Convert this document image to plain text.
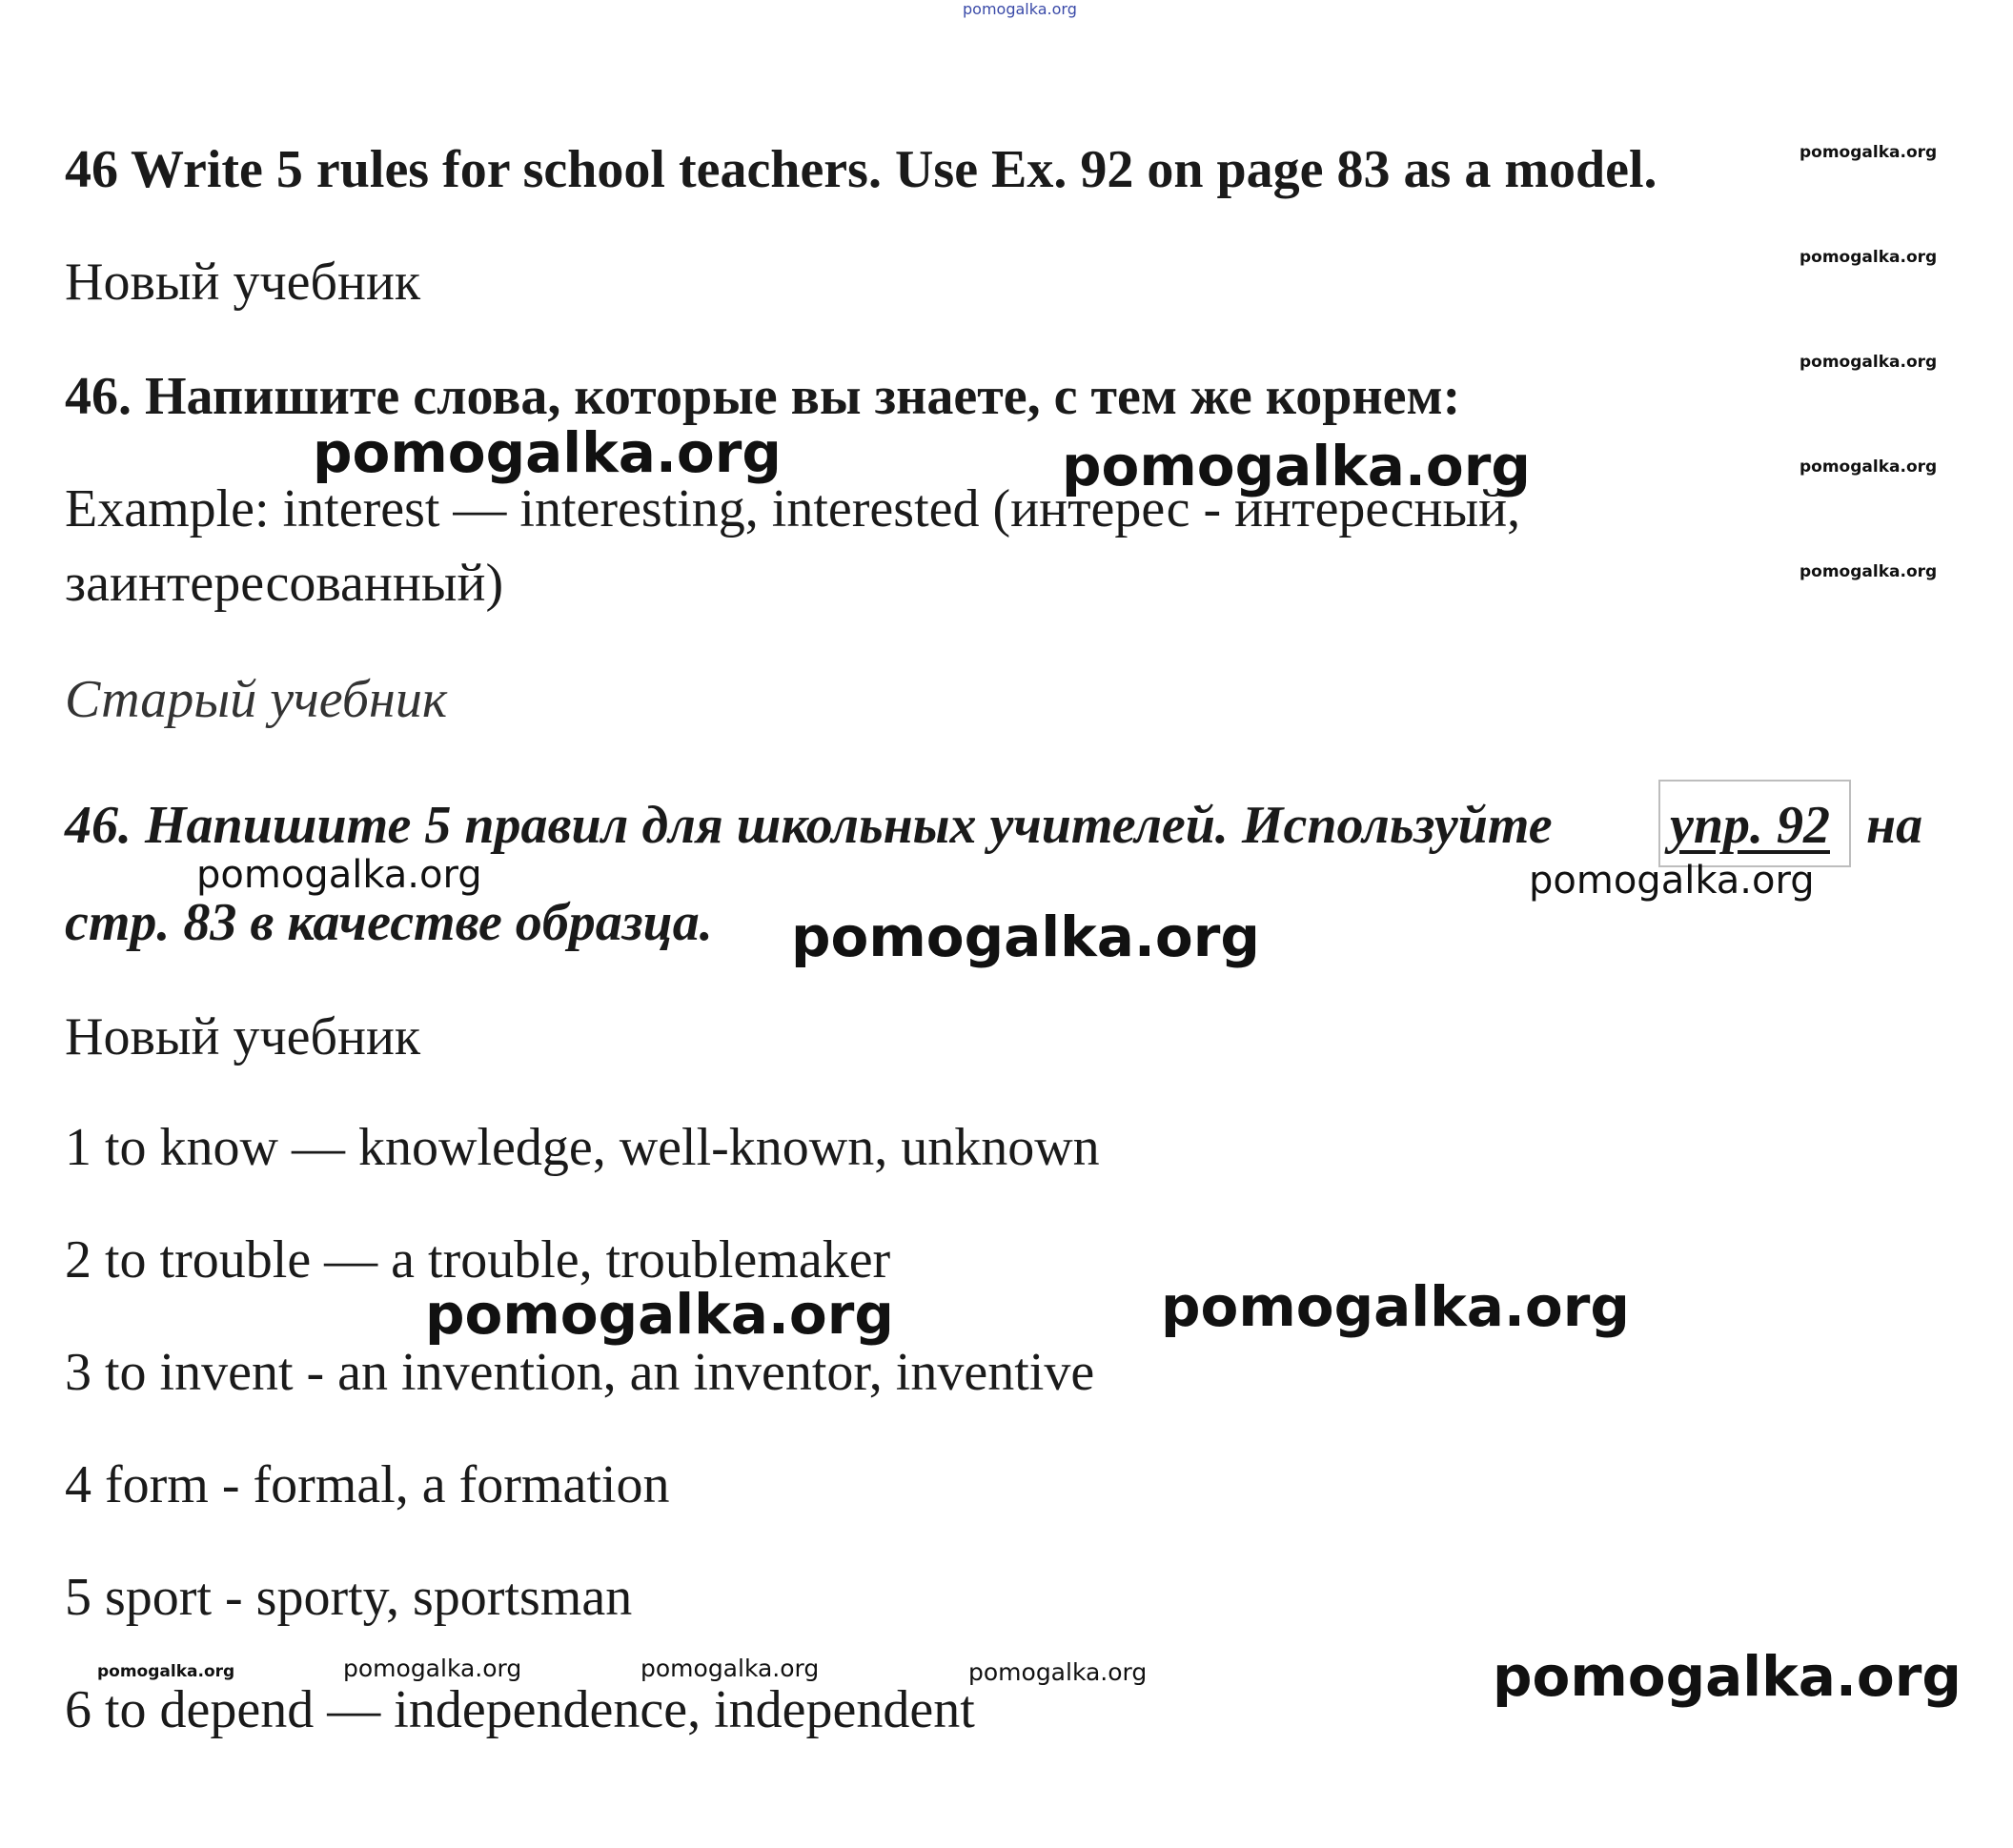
pomogalka.org
46 Write 5 rules for school teachers. Use Ex. 92 on page 83 as a model.
Новый учебник
46. Напишите слова, которые вы знаете, с тем же корнем:
Example: interest — interesting, interested (интерес - интересный,
заинтересованный)
Старый учебник
46. Напишите 5 правил для школьных учителей. Используйте упр. 92 на
стр. 83 в качестве образца.
Новый учебник
1 to know — knowledge, well-known, unknown
2 to trouble — a trouble, troublemaker
3 to invent - an invention, an inventor, inventive
4 form - formal, a formation
5 sport - sporty, sportsman
6 to depend — independence, independent
pomogalka.org
pomogalka.org
pomogalka.org
pomogalka.org
pomogalka.org
pomogalka.org	pomogalka.org
pomogalka.org	pomogalka.org
pomogalka.org
pomogalka.org	pomogalka.org
pomogalka.org	pomogalka.org	pomogalka.org	pomogalka.org	pomogalka.org
